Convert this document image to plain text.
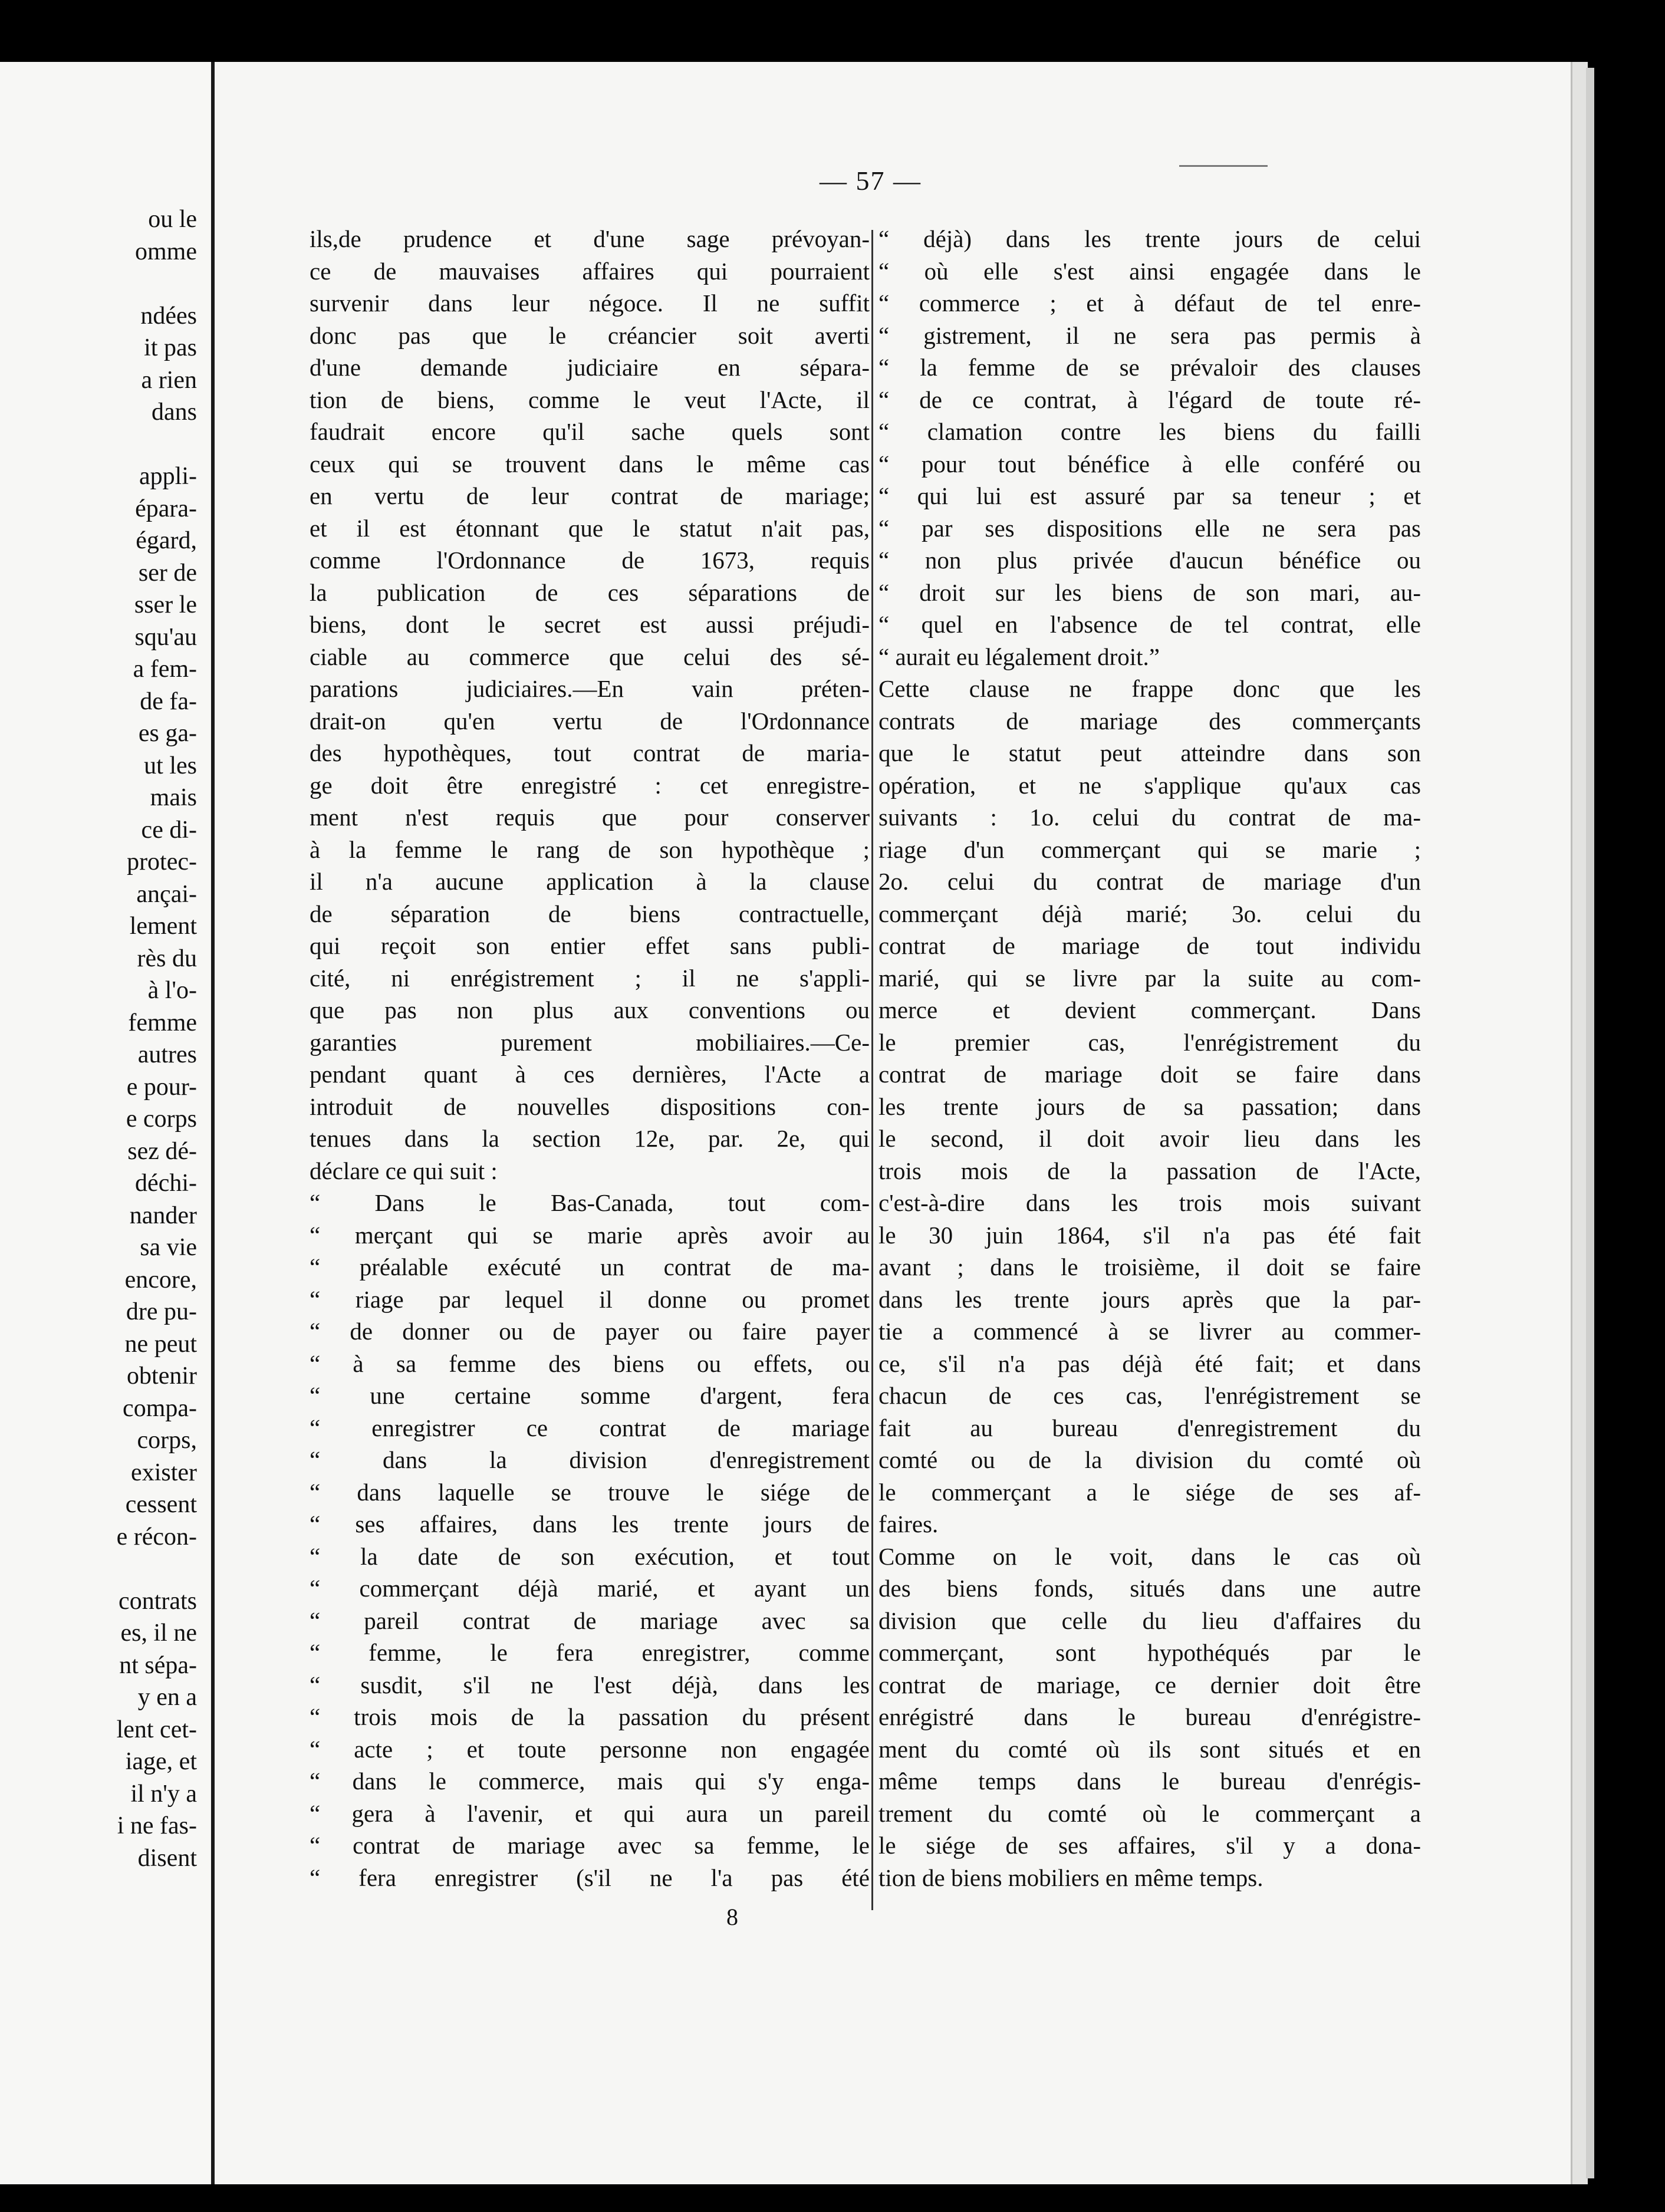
ou le
omme
ndées
it pas
a rien
dans
appli-
épara-
égard,
ser de
sser le
squ'au
a fem-
de fa-
es ga-
ut les
mais
ce di-
protec-
ançai-
lement
rès du
à l'o-
femme
autres
e pour-
e corps
sez dé-
déchi-
nander
sa vie
encore,
dre pu-
ne peut
obtenir
compa-
corps,
exister
cessent
e récon-
contrats
es, il ne
nt sépa-
y en a
lent cet-
iage, et
il n'y a
i ne fas-
disent
— 57 —
ils,de prudence et d'une sage prévoyan-
ce de mauvaises affaires qui pourraient
survenir dans leur négoce. Il ne suffit
donc pas que le créancier soit averti
d'une demande judiciaire en sépara-
tion de biens, comme le veut l'Acte, il
faudrait encore qu'il sache quels sont
ceux qui se trouvent dans le même cas
en vertu de leur contrat de mariage;
et il est étonnant que le statut n'ait pas,
comme l'Ordonnance de 1673, requis
la publication de ces séparations de
biens, dont le secret est aussi préjudi-
ciable au commerce que celui des sé-
parations judiciaires.—En vain préten-
drait-on qu'en vertu de l'Ordonnance
des hypothèques, tout contrat de maria-
ge doit être enregistré : cet enregistre-
ment n'est requis que pour conserver
à la femme le rang de son hypothèque ;
il n'a aucune application à la clause
de séparation de biens contractuelle,
qui reçoit son entier effet sans publi-
cité, ni enrégistrement ; il ne s'appli-
que pas non plus aux conventions ou
garanties purement mobiliaires.—Ce-
pendant quant à ces dernières, l'Acte a
introduit de nouvelles dispositions con-
tenues dans la section 12e, par. 2e, qui
déclare ce qui suit :
“ Dans le Bas-Canada, tout com-
“ merçant qui se marie après avoir au
“ préalable exécuté un contrat de ma-
“ riage par lequel il donne ou promet
“ de donner ou de payer ou faire payer
“ à sa femme des biens ou effets, ou
“ une certaine somme d'argent, fera
“ enregistrer ce contrat de mariage
“ dans la division d'enregistrement
“ dans laquelle se trouve le siége de
“ ses affaires, dans les trente jours de
“ la date de son exécution, et tout
“ commerçant déjà marié, et ayant un
“ pareil contrat de mariage avec sa
“ femme, le fera enregistrer, comme
“ susdit, s'il ne l'est déjà, dans les
“ trois mois de la passation du présent
“ acte ; et toute personne non engagée
“ dans le commerce, mais qui s'y enga-
“ gera à l'avenir, et qui aura un pareil
“ contrat de mariage avec sa femme, le
“ fera enregistrer (s'il ne l'a pas été
“ déjà) dans les trente jours de celui
“ où elle s'est ainsi engagée dans le
“ commerce ; et à défaut de tel enre-
“ gistrement, il ne sera pas permis à
“ la femme de se prévaloir des clauses
“ de ce contrat, à l'égard de toute ré-
“ clamation contre les biens du failli
“ pour tout bénéfice à elle conféré ou
“ qui lui est assuré par sa teneur ; et
“ par ses dispositions elle ne sera pas
“ non plus privée d'aucun bénéfice ou
“ droit sur les biens de son mari, au-
“ quel en l'absence de tel contrat, elle
“ aurait eu légalement droit.”
Cette clause ne frappe donc que les
contrats de mariage des commerçants
que le statut peut atteindre dans son
opération, et ne s'applique qu'aux cas
suivants : 1o. celui du contrat de ma-
riage d'un commerçant qui se marie ;
2o. celui du contrat de mariage d'un
commerçant déjà marié; 3o. celui du
contrat de mariage de tout individu
marié, qui se livre par la suite au com-
merce et devient commerçant. Dans
le premier cas, l'enrégistrement du
contrat de mariage doit se faire dans
les trente jours de sa passation; dans
le second, il doit avoir lieu dans les
trois mois de la passation de l'Acte,
c'est-à-dire dans les trois mois suivant
le 30 juin 1864, s'il n'a pas été fait
avant ; dans le troisième, il doit se faire
dans les trente jours après que la par-
tie a commencé à se livrer au commer-
ce, s'il n'a pas déjà été fait; et dans
chacun de ces cas, l'enrégistrement se
fait au bureau d'enregistrement du
comté ou de la division du comté où
le commerçant a le siége de ses af-
faires.
Comme on le voit, dans le cas où
des biens fonds, situés dans une autre
division que celle du lieu d'affaires du
commerçant, sont hypothéqués par le
contrat de mariage, ce dernier doit être
enrégistré dans le bureau d'enrégistre-
ment du comté où ils sont situés et en
même temps dans le bureau d'enrégis-
trement du comté où le commerçant a
le siége de ses affaires, s'il y a dona-
tion de biens mobiliers en même temps.
8
